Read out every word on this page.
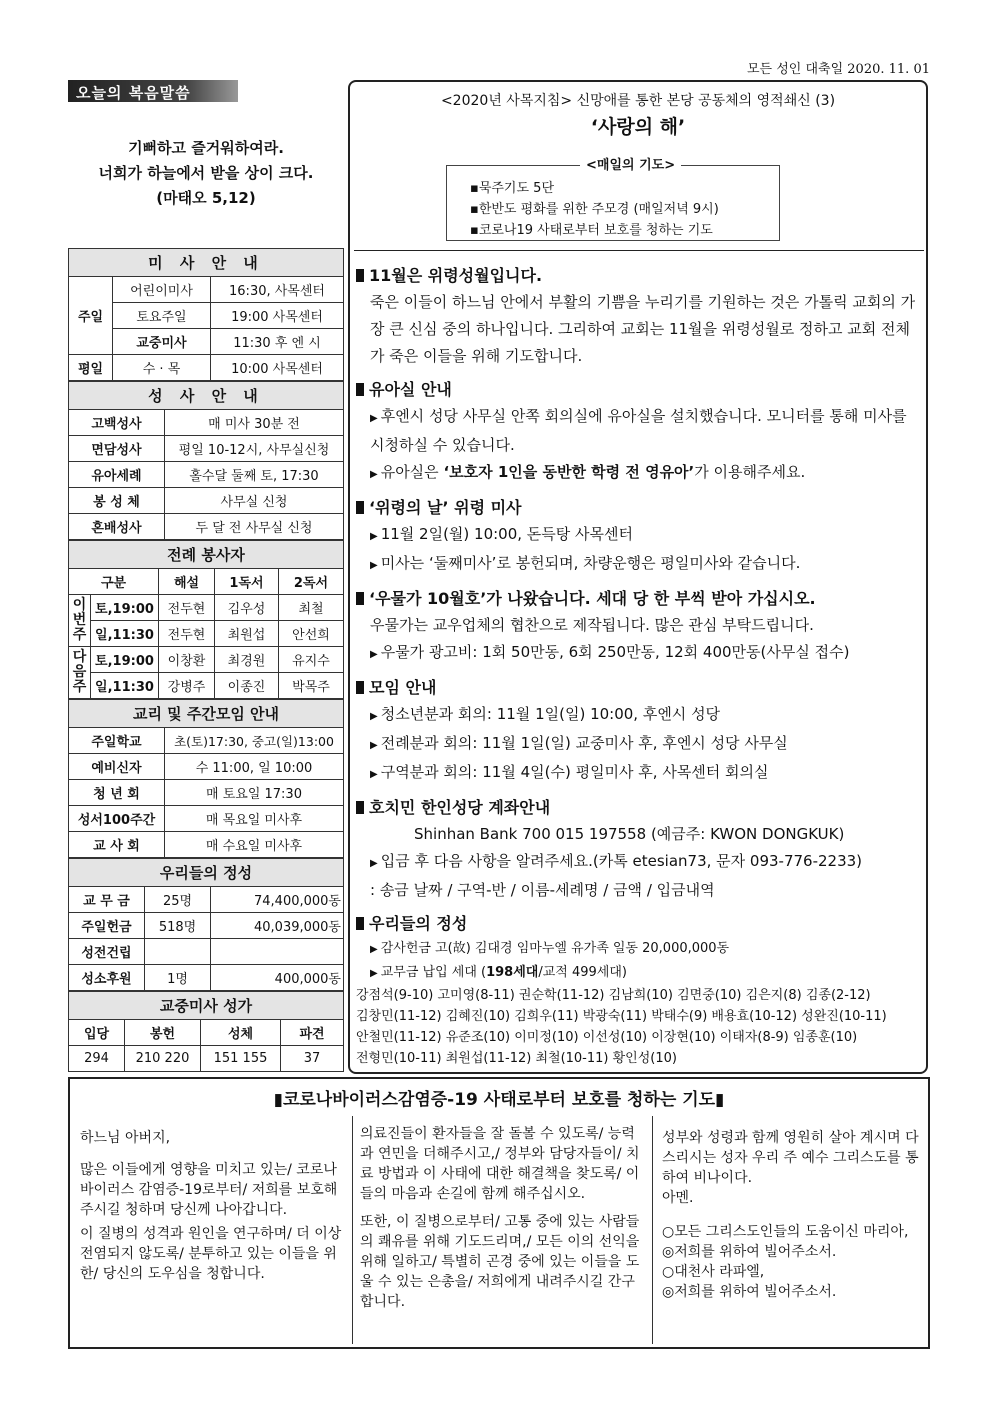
모든 성인 대축일 2020. 11. 01
오늘의 복음말씀
기뻐하고 즐거워하여라.
너희가 하늘에서 받을 상이 크다.
(마태오 5,12)
미 사 안 내		
주일	어린이미사	16:30, 사목센터
	토요주일	19:00 사목센터
	교중미사	11:30 후 엔 시
평일	수 · 목	10:00 사목센터
성 사 안 내	
고백성사	매 미사 30분 전
면담성사	평일 10-12시, 사무실신청
유아세례	홀수달 둘째 토, 17:30
봉 성 체	사무실 신청
혼배성사	두 달 전 사무실 신청
전례 봉사자				
구분		해설	1독서	2독서
이번주	토,19:00	전두현	김우성	최철
	일,11:30	전두현	최원섭	안선희
다음주	토,19:00	이창환	최경원	유지수
	일,11:30	강병주	이종진	박목주
교리 및 주간모임 안내	
주일학교	초(토)17:30, 중고(일)13:00
예비신자	수 11:00, 일 10:00
청 년 회	매 토요일 17:30
성서100주간	매 목요일 미사후
교 사 회	매 수요일 미사후
우리들의 정성		
교 무 금	25명	74,400,000동
주일헌금	518명	40,039,000동
성전건립		
성소후원	1명	400,000동
교중미사 성가			
입당	봉헌	성체	파견
294	210 220	151 155	37
<2020년 사목지침> 신망애를 통한 본당 공동체의 영적쇄신 (3)
‘사랑의 해’
<매일의 기도>
▪묵주기도 5단
▪한반도 평화를 위한 주모경 (매일저녁 9시)
▪코로나19 사태로부터 보호를 청하는 기도
11월은 위령성월입니다.
죽은 이들이 하느님 안에서 부활의 기쁨을 누리기를 기원하는 것은 가톨릭 교회의 가장 큰 신심 중의 하나입니다. 그리하여 교회는 11월을 위령성월로 정하고 교회 전체가 죽은 이들을 위해 기도합니다.
유아실 안내
▶ 후엔시 성당 사무실 안쪽 회의실에 유아실을 설치했습니다. 모니터를 통해 미사를 시청하실 수 있습니다.
▶ 유아실은 ‘보호자 1인을 동반한 학령 전 영유아’가 이용해주세요.
‘위령의 날’ 위령 미사
▶ 11월 2일(월) 10:00, 돈득탕 사목센터
▶ 미사는 ‘둘째미사’로 봉헌되며, 차량운행은 평일미사와 같습니다.
‘우물가 10월호’가 나왔습니다. 세대 당 한 부씩 받아 가십시오.
우물가는 교우업체의 협찬으로 제작됩니다. 많은 관심 부탁드립니다.
▶ 우물가 광고비: 1회 50만동, 6회 250만동, 12회 400만동(사무실 접수)
모임 안내
▶ 청소년분과 회의: 11월 1일(일) 10:00, 후엔시 성당
▶ 전례분과 회의: 11월 1일(일) 교중미사 후, 후엔시 성당 사무실
▶ 구역분과 회의: 11월 4일(수) 평일미사 후, 사목센터 회의실
호치민 한인성당 계좌안내
Shinhan Bank 700 015 197558 (예금주: KWON DONGKUK)
▶ 입금 후 다음 사항을 알려주세요.(카톡 etesian73, 문자 093-776-2233)
: 송금 날짜 / 구역-반 / 이름-세례명 / 금액 / 입금내역
우리들의 정성
▶ 감사헌금 고(故) 김대경 임마누엘 유가족 일동 20,000,000동
▶ 교무금 납입 세대 (198세대/교적 499세대)
강점석(9-10) 고미영(8-11) 권순학(11-12) 김남희(10) 김면중(10) 김은지(8) 김종(2-12)
김창민(11-12) 김혜진(10) 김희우(11) 박광숙(11) 박태수(9) 배용효(10-12) 성완진(10-11)
안철민(11-12) 유준조(10) 이미정(10) 이선성(10) 이장현(10) 이태자(8-9) 임종훈(10)
전형민(10-11) 최원섭(11-12) 최철(10-11) 황인성(10)
▮코로나바이러스감염증-19 사태로부터 보호를 청하는 기도▮
하느님 아버지,
많은 이들에게 영향을 미치고 있는/ 코로나 바이러스 감염증-19로부터/ 저희를 보호해주시길 청하며 당신께 나아갑니다.
이 질병의 성격과 원인을 연구하며/ 더 이상 전염되지 않도록/ 분투하고 있는 이들을 위한/ 당신의 도우심을 청합니다.
의료진들이 환자들을 잘 돌볼 수 있도록/ 능력과 연민을 더해주시고,/ 정부와 담당자들이/ 치료 방법과 이 사태에 대한 해결책을 찾도록/ 이들의 마음과 손길에 함께 해주십시오.
또한, 이 질병으로부터/ 고통 중에 있는 사람들의 쾌유를 위해 기도드리며,/ 모든 이의 선익을 위해 일하고/ 특별히 곤경 중에 있는 이들을 도울 수 있는 은총을/ 저희에게 내려주시길 간구합니다.
성부와 성령과 함께 영원히 살아 계시며 다스리시는 성자 우리 주 예수 그리스도를 통하여 비나이다.
아멘.
○모든 그리스도인들의 도움이신 마리아,
◎저희를 위하여 빌어주소서.
○대천사 라파엘,
◎저희를 위하여 빌어주소서.
